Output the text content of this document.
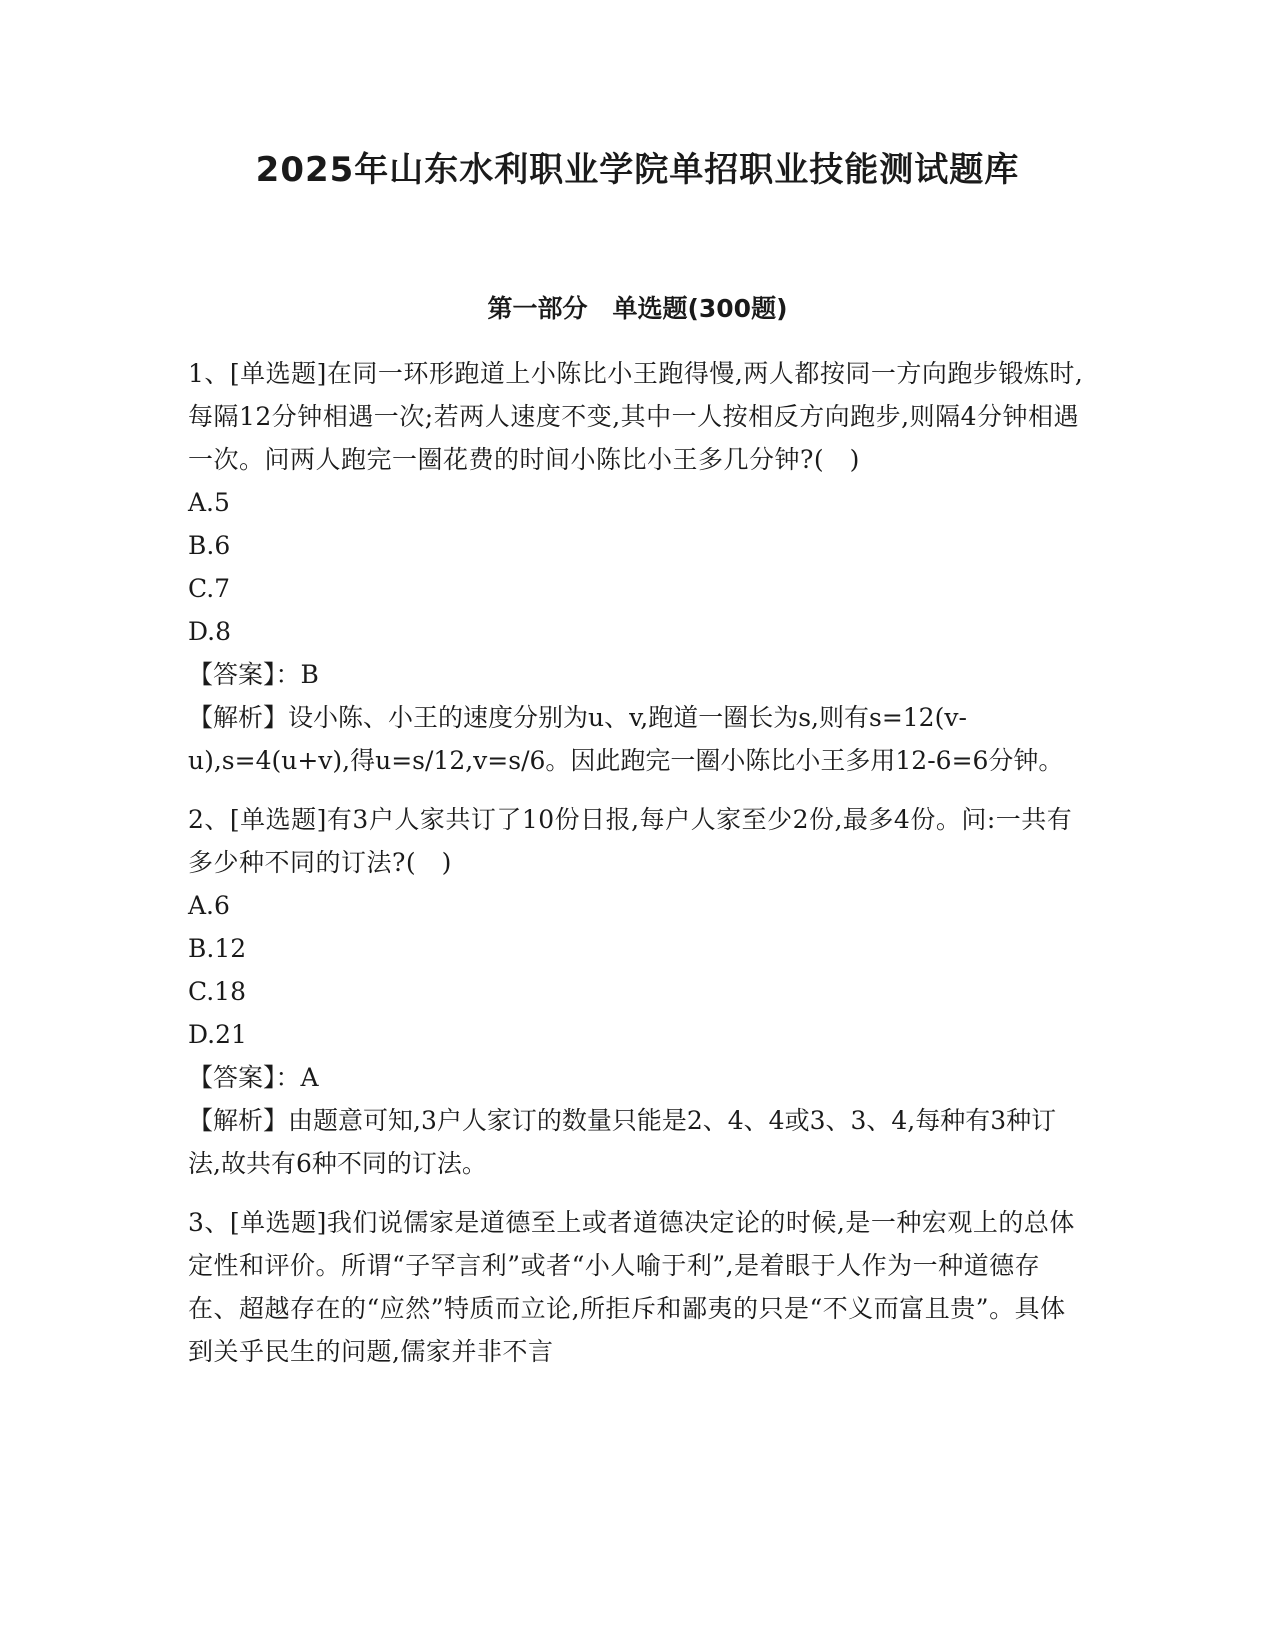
2025年山东水利职业学院单招职业技能测试题库
第一部分　单选题(300题)

1、[单选题]在同一环形跑道上小陈比小王跑得慢,两人都按同一方向跑步锻炼时,每隔12分钟相遇一次;若两人速度不变,其中一人按相反方向跑步,则隔4分钟相遇一次。问两人跑完一圈花费的时间小陈比小王多几分钟?(　)

A.5
B.6
C.7
D.8

【答案】：B

【解析】设小陈、小王的速度分别为u、v,跑道一圈长为s,则有s=12(v-u),s=4(u+v),得u=s/12,v=s/6。因此跑完一圈小陈比小王多用12-6=6分钟。

2、[单选题]有3户人家共订了10份日报,每户人家至少2份,最多4份。问:一共有多少种不同的订法?(　)

A.6
B.12
C.18
D.21

【答案】：A

【解析】由题意可知,3户人家订的数量只能是2、4、4或3、3、4,每种有3种订法,故共有6种不同的订法。

3、[单选题]我们说儒家是道德至上或者道德决定论的时候,是一种宏观上的总体定性和评价。所谓“子罕言利”或者“小人喻于利”,是着眼于人作为一种道德存在、超越存在的“应然”特质而立论,所拒斥和鄙夷的只是“不义而富且贵”。具体到关乎民生的问题,儒家并非不言
